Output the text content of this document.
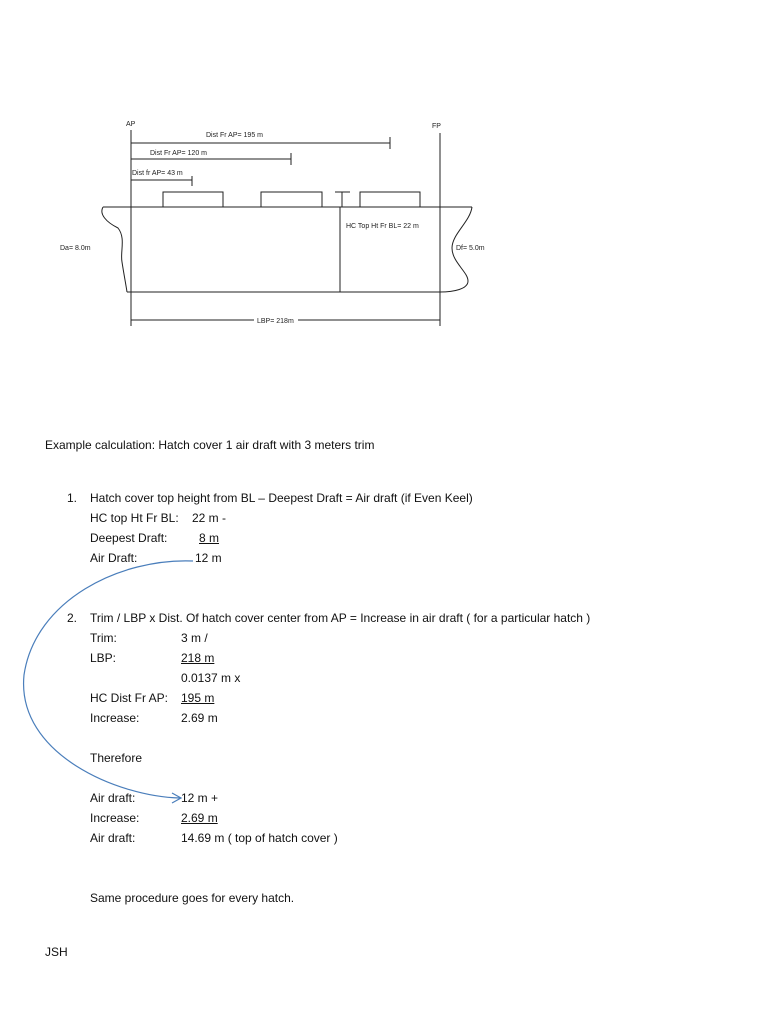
AP	FP
Dist Fr AP= 195 m
Dist Fr AP= 120 m
Dist fr AP= 43 m
HC Top Ht Fr BL= 22 m
Da= 8.0m	Df= 5.0m
LBP= 218m
Example calculation: Hatch cover 1 air draft with 3 meters trim
1. Hatch cover top height from BL – Deepest Draft = Air draft (if Even Keel)
HC top Ht Fr BL: 22 m -
Deepest Draft:	8 m
Air Draft:	12 m
2. Trim / LBP x Dist. Of hatch cover center from AP = Increase in air draft ( for a particular hatch )
Trim:	3 m /
LBP:	218 m
0.0137 m x
HC Dist Fr AP: 195 m
Increase:	2.69 m
Therefore
Air draft:	12 m +
Increase:	2.69 m
Air draft:	14.69 m ( top of hatch cover )
Same procedure goes for every hatch.
JSH
